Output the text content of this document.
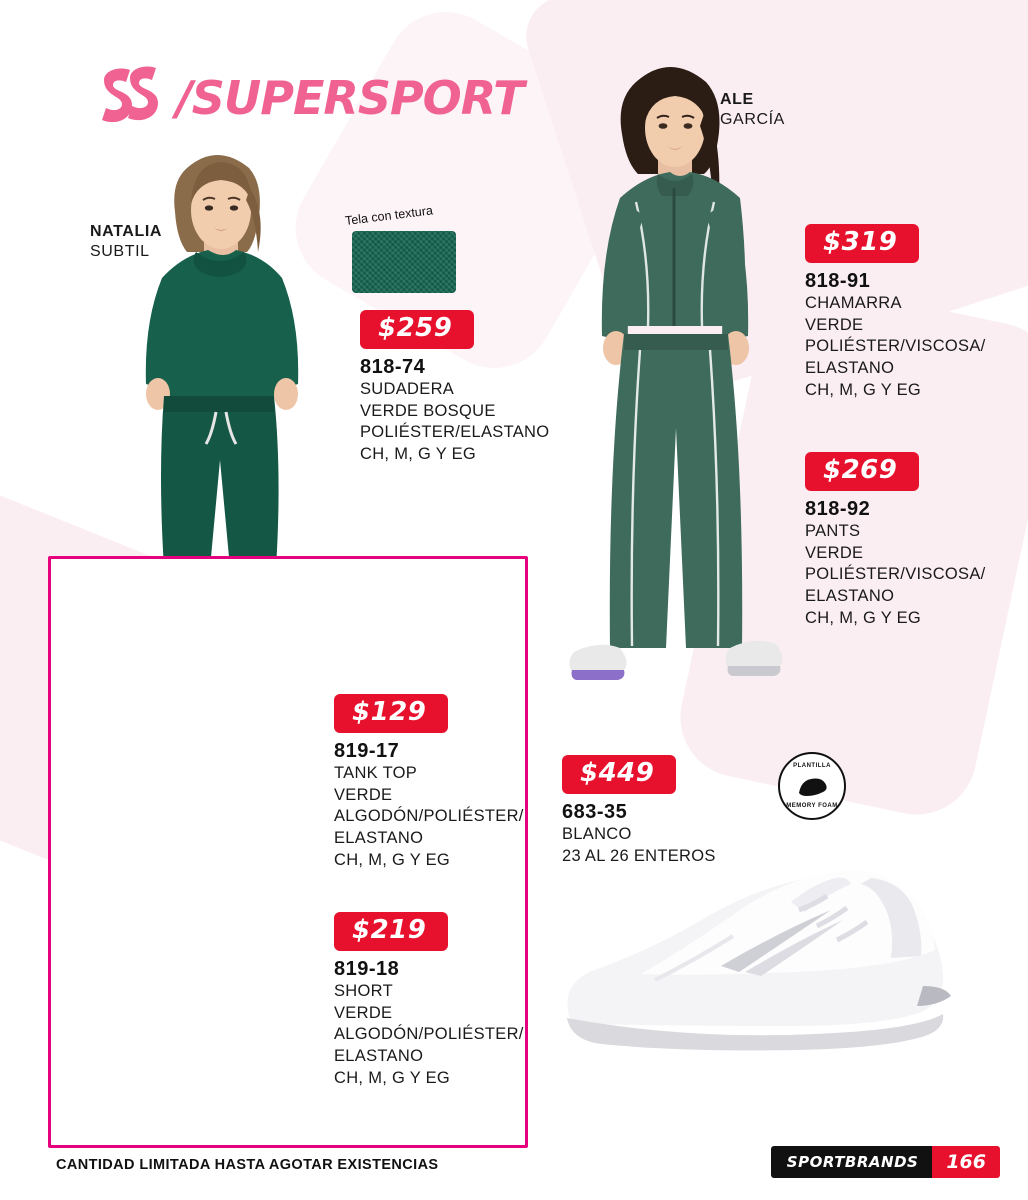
/SUPERSPORT
NATALIA
SUBTIL
ALE
GARCÍA
PLANTILLA
MEMORY FOAM
Tela con textura
$259
818-74
SUDADERA
VERDE BOSQUE
POLIÉSTER/ELASTANO
CH, M, G Y EG
$319
818-91
CHAMARRA
VERDE
POLIÉSTER/VISCOSA/
ELASTANO
CH, M, G Y EG
$269
818-92
PANTS
VERDE
POLIÉSTER/VISCOSA/
ELASTANO
CH, M, G Y EG
$129
819-17
TANK TOP
VERDE
ALGODÓN/POLIÉSTER/
ELASTANO
CH, M, G Y EG
$219
819-18
SHORT
VERDE
ALGODÓN/POLIÉSTER/
ELASTANO
CH, M, G Y EG
$449
683-35
BLANCO
23 AL 26 ENTEROS
CANTIDAD LIMITADA HASTA AGOTAR EXISTENCIAS	SPORTBRANDS	166
